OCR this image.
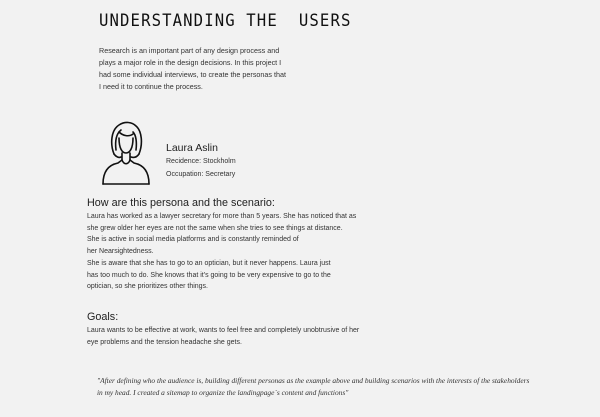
UNDERSTANDING THE  USERS
Research is an important part of any design process and
plays a major role in the design decisions. In this project I
had some individual interviews, to create the personas that
I need it to continue the process.
Laura Aslin
Recidence: Stockholm
Occupation: Secretary
How are this persona and the scenario:
Laura has worked as a lawyer secretary for more than 5 years. She has noticed that as
she grew older her eyes are not the same when she tries to see things at distance.
She is active in social media platforms and is constantly reminded of
her Nearsightedness.
She is aware that she has to go to an optician, but it never happens. Laura just
has too much to do. She knows that it's going to be very expensive to go to the
optician, so she prioritizes other things.
Goals:
Laura wants to be effective at work, wants to feel free and completely unobtrusive of her
eye problems and the tension headache she gets.
"After defining who the audience is, building different personas as the example above and building scenarios with the interests of the stakeholders
in my head. I created a sitemap to organize the landingpage`s content and functions"
